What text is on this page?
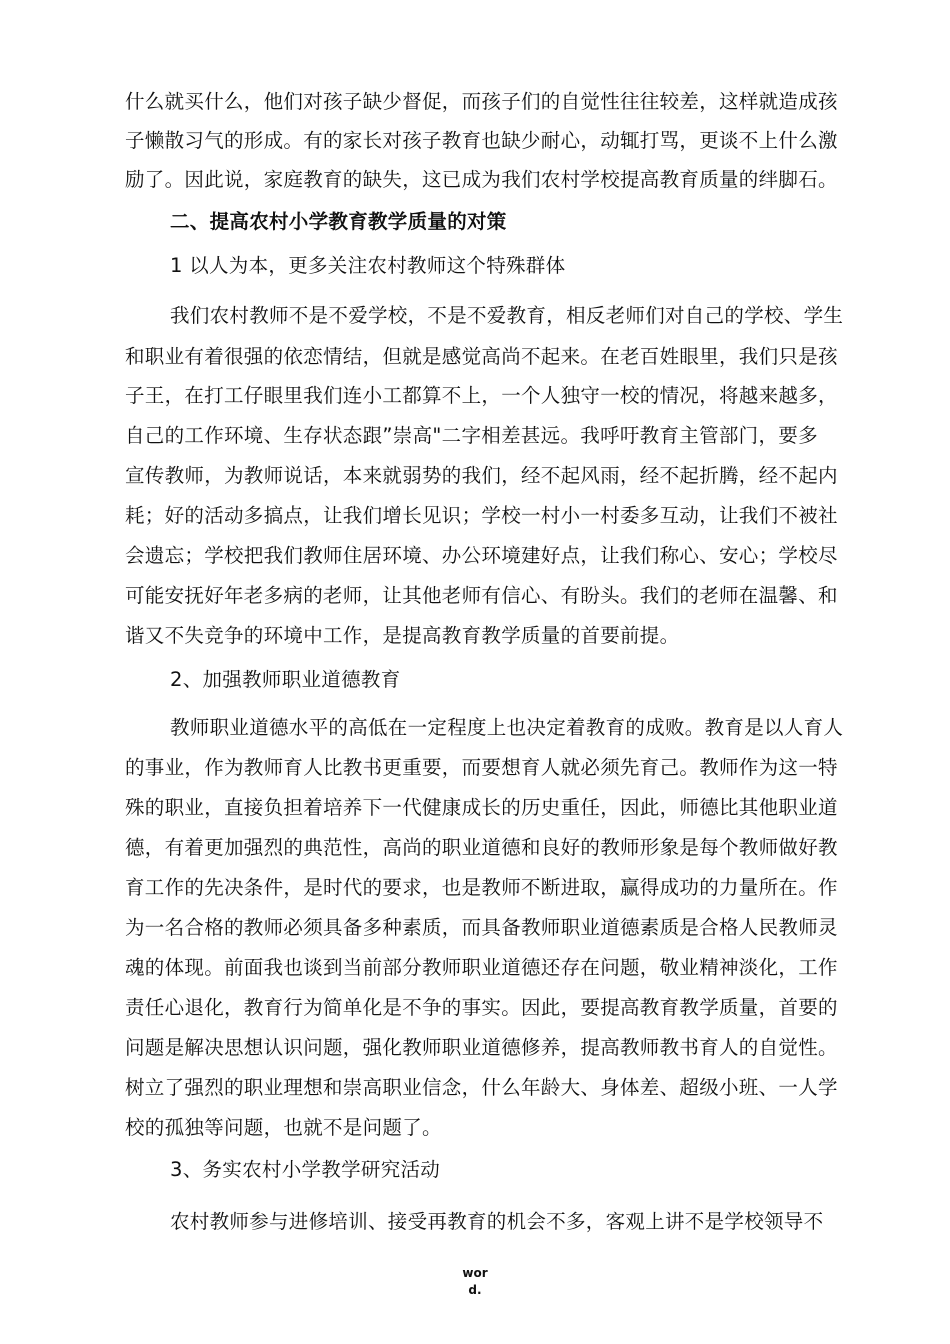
什么就买什么，他们对孩子缺少督促，而孩子们的自觉性往往较差，这样就造成孩
子懒散习气的形成。有的家长对孩子教育也缺少耐心，动辄打骂，更谈不上什么激
励了。因此说，家庭教育的缺失，这已成为我们农村学校提高教育质量的绊脚石。
二、提高农村小学教育教学质量的对策
1 以人为本，更多关注农村教师这个特殊群体
我们农村教师不是不爱学校，不是不爱教育，相反老师们对自己的学校、学生
和职业有着很强的依恋情结，但就是感觉高尚不起来。在老百姓眼里，我们只是孩
子王，在打工仔眼里我们连小工都算不上，一个人独守一校的情况，将越来越多，
自己的工作环境、生存状态跟”崇高"二字相差甚远。我呼吁教育主管部门，要多
宣传教师，为教师说话，本来就弱势的我们，经不起风雨，经不起折腾，经不起内
耗；好的活动多搞点，让我们增长见识；学校一村小一村委多互动，让我们不被社
会遗忘；学校把我们教师住居环境、办公环境建好点，让我们称心、安心；学校尽
可能安抚好年老多病的老师，让其他老师有信心、有盼头。我们的老师在温馨、和
谐又不失竞争的环境中工作，是提高教育教学质量的首要前提。
2、加强教师职业道德教育
教师职业道德水平的高低在一定程度上也决定着教育的成败。教育是以人育人
的事业，作为教师育人比教书更重要，而要想育人就必须先育己。教师作为这一特
殊的职业，直接负担着培养下一代健康成长的历史重任，因此，师德比其他职业道
德，有着更加强烈的典范性，高尚的职业道德和良好的教师形象是每个教师做好教
育工作的先决条件，是时代的要求，也是教师不断进取，赢得成功的力量所在。作
为一名合格的教师必须具备多种素质，而具备教师职业道德素质是合格人民教师灵
魂的体现。前面我也谈到当前部分教师职业道德还存在问题，敬业精神淡化，工作
责任心退化，教育行为简单化是不争的事实。因此，要提高教育教学质量，首要的
问题是解决思想认识问题，强化教师职业道德修养，提高教师教书育人的自觉性。
树立了强烈的职业理想和崇高职业信念，什么年龄大、身体差、超级小班、一人学
校的孤独等问题，也就不是问题了。
3、务实农村小学教学研究活动
农村教师参与进修培训、接受再教育的机会不多，客观上讲不是学校领导不
wor
d.
